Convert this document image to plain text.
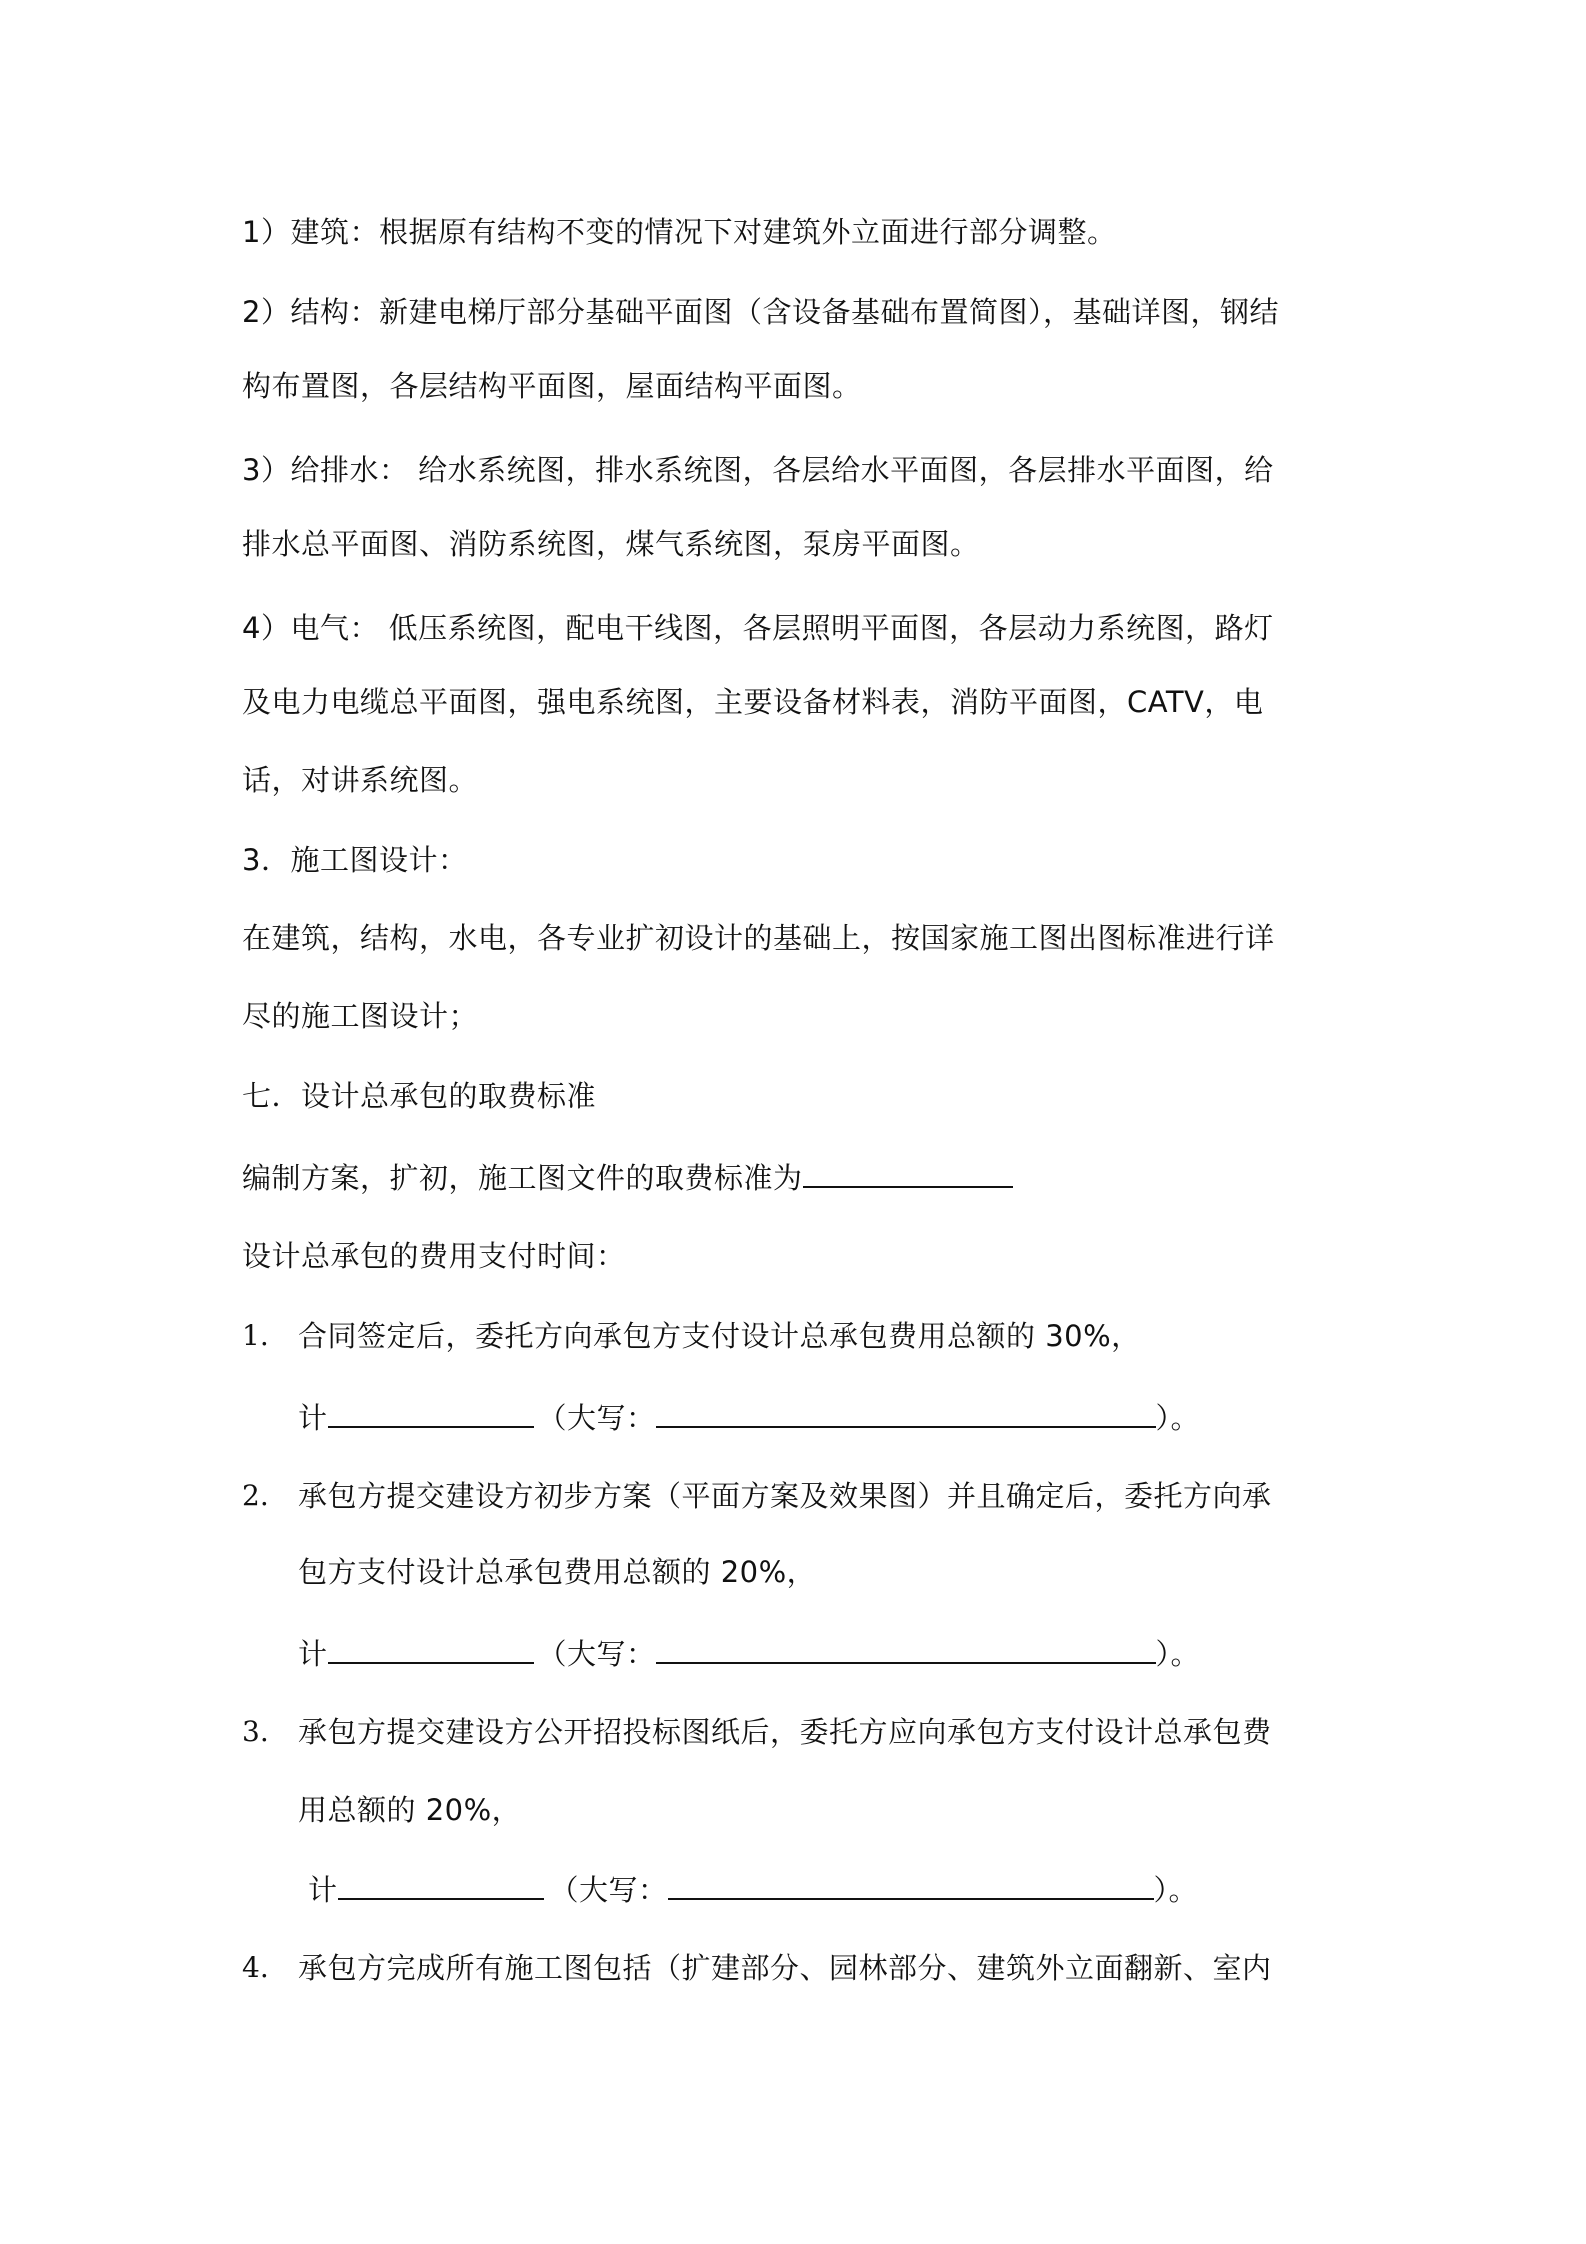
1）建筑：根据原有结构不变的情况下对建筑外立面进行部分调整。
2）结构：新建电梯厅部分基础平面图（含设备基础布置简图），基础详图，钢结
构布置图，各层结构平面图，屋面结构平面图。
3）给排水： 给水系统图，排水系统图，各层给水平面图，各层排水平面图，给
排水总平面图、消防系统图，煤气系统图，泵房平面图。
4）电气： 低压系统图，配电干线图，各层照明平面图，各层动力系统图，路灯
及电力电缆总平面图，强电系统图，主要设备材料表，消防平面图，CATV，电
话，对讲系统图。
3．施工图设计：
在建筑，结构，水电，各专业扩初设计的基础上，按国家施工图出图标准进行详
尽的施工图设计；
七．设计总承包的取费标准
编制方案，扩初，施工图文件的取费标准为
设计总承包的费用支付时间：
1. 合同签定后，委托方向承包方支付设计总承包费用总额的 30%，
计	（大写：	）。
2. 承包方提交建设方初步方案（平面方案及效果图）并且确定后，委托方向承
包方支付设计总承包费用总额的 20%，
计	（大写：	）。
3. 承包方提交建设方公开招投标图纸后，委托方应向承包方支付设计总承包费
用总额的 20%，
计	（大写：	）。
4. 承包方完成所有施工图包括（扩建部分、园林部分、建筑外立面翻新、室内
